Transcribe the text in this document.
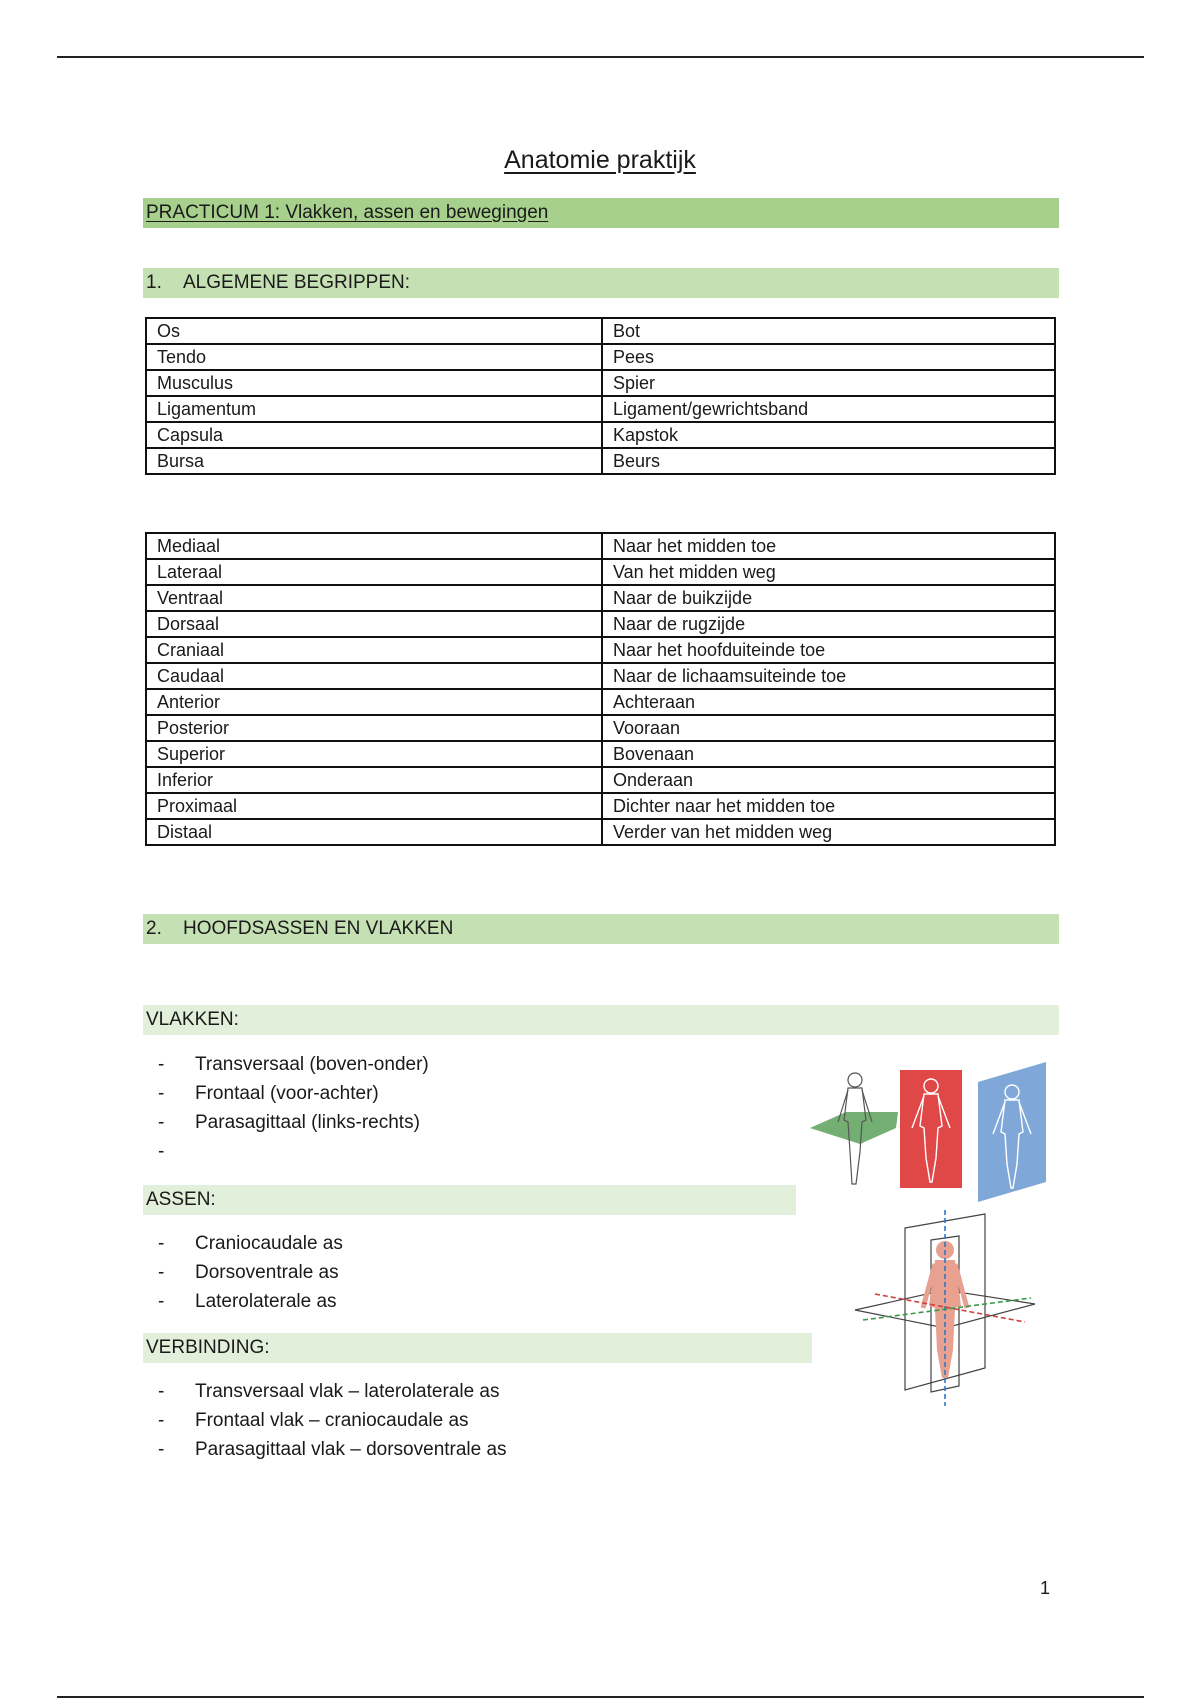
Anatomie praktijk
PRACTICUM 1: Vlakken, assen en bewegingen
1. ALGEMENE BEGRIPPEN:
Os	Bot
Tendo	Pees
Musculus	Spier
Ligamentum	Ligament/gewrichtsband
Capsula	Kapstok
Bursa	Beurs
Mediaal	Naar het midden toe
Lateraal	Van het midden weg
Ventraal	Naar de buikzijde
Dorsaal	Naar de rugzijde
Craniaal	Naar het hoofduiteinde toe
Caudaal	Naar de lichaamsuiteinde toe
Anterior	Achteraan
Posterior	Vooraan
Superior	Bovenaan
Inferior	Onderaan
Proximaal	Dichter naar het midden toe
Distaal	Verder van het midden weg
2. HOOFDSASSEN EN VLAKKEN
VLAKKEN:
- Transversaal (boven-onder)
- Frontaal (voor-achter)
- Parasagittaal (links-rechts)
-
ASSEN:
- Craniocaudale as
- Dorsoventrale as
- Laterolaterale as
VERBINDING:
- Transversaal vlak – laterolaterale as
- Frontaal vlak – craniocaudale as
- Parasagittaal vlak – dorsoventrale as
1
